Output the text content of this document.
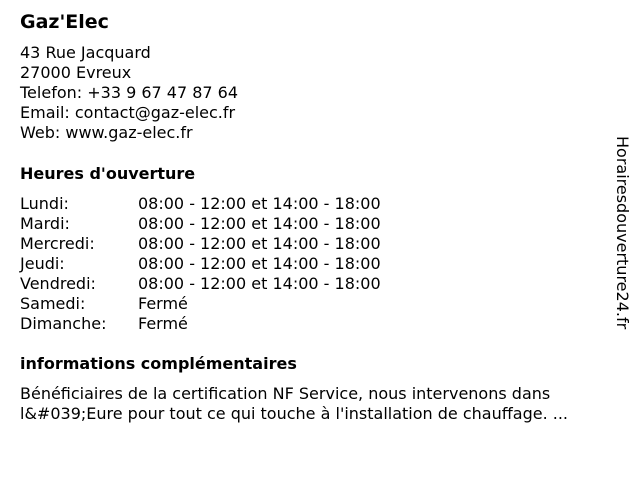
Gaz'Elec
43 Rue Jacquard
27000 Evreux
Telefon: +33 9 67 47 87 64
Email: contact@gaz-elec.fr
Web: www.gaz-elec.fr
Heures d'ouverture
Lundi:	08:00 - 12:00 et 14:00 - 18:00
Mardi:	08:00 - 12:00 et 14:00 - 18:00
Mercredi:	08:00 - 12:00 et 14:00 - 18:00
Jeudi:	08:00 - 12:00 et 14:00 - 18:00
Vendredi:	08:00 - 12:00 et 14:00 - 18:00
Samedi:	Fermé
Dimanche:	Fermé
informations complémentaires

Bénéficiaires de la certification NF Service, nous intervenons dans l&#039;Eure pour tout ce qui touche à l'installation de chauffage. ...

Horairesdouverture24.fr
